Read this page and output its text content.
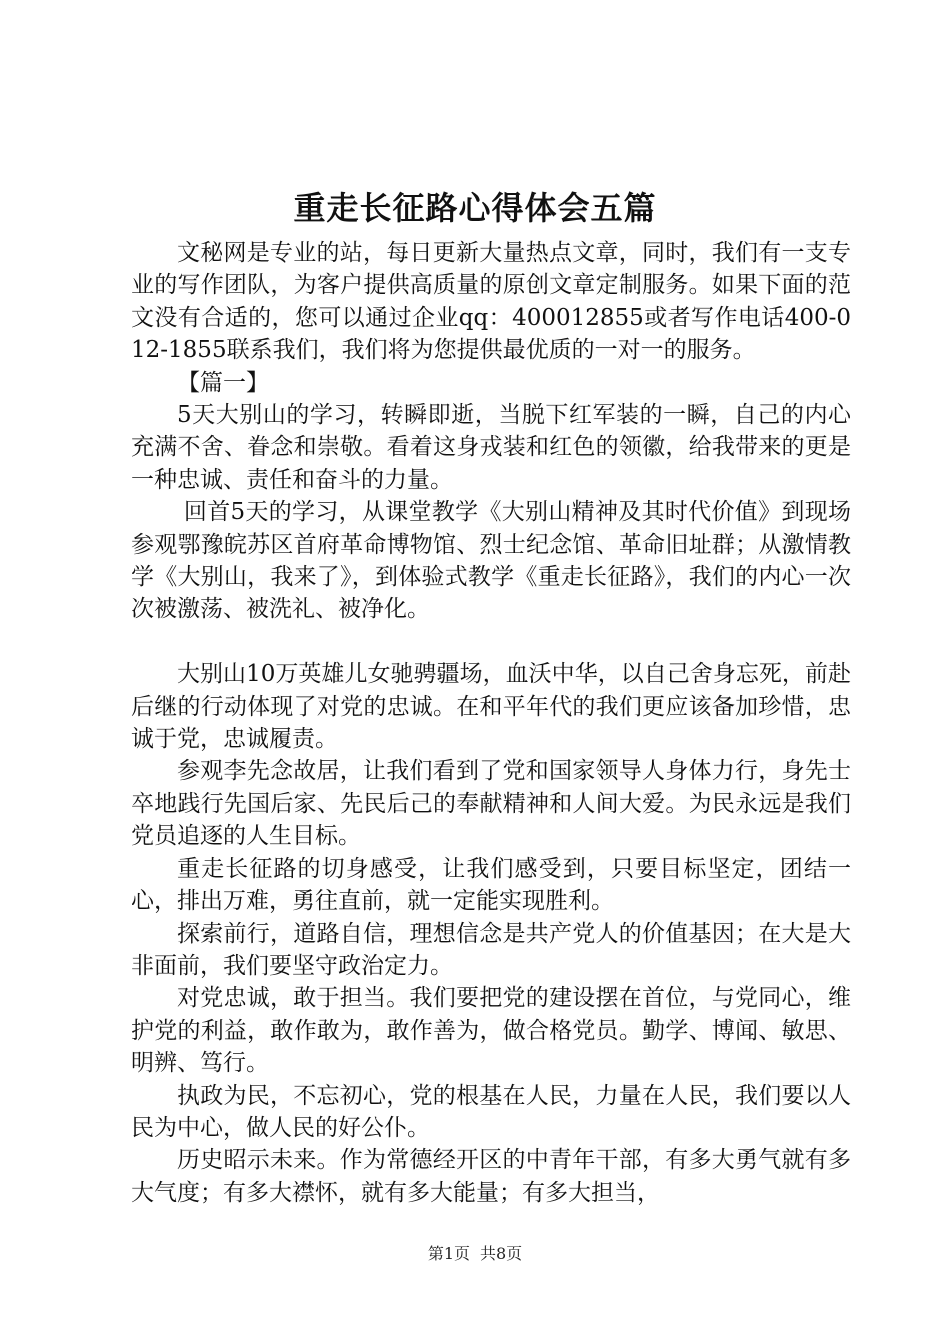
重走长征路心得体会五篇

文秘网是专业的站，每日更新大量热点文章，同时，我们有一支专业的写作团队，为客户提供高质量的原创文章定制服务。如果下面的范文没有合适的，您可以通过企业qq：400012855或者写作电话400-012-1855联系我们，我们将为您提供最优质的一对一的服务。

【篇一】

5天大别山的学习，转瞬即逝，当脱下红军装的一瞬，自己的内心充满不舍、眷念和崇敬。看着这身戎装和红色的领徽，给我带来的更是一种忠诚、责任和奋斗的力量。

回首5天的学习，从课堂教学《大别山精神及其时代价值》到现场参观鄂豫皖苏区首府革命博物馆、烈士纪念馆、革命旧址群；从激情教学《大别山，我来了》，到体验式教学《重走长征路》，我们的内心一次次被激荡、被洗礼、被净化。

大别山10万英雄儿女驰骋疆场，血沃中华，以自己舍身忘死，前赴后继的行动体现了对党的忠诚。在和平年代的我们更应该备加珍惜，忠诚于党，忠诚履责。

参观李先念故居，让我们看到了党和国家领导人身体力行，身先士卒地践行先国后家、先民后己的奉献精神和人间大爱。为民永远是我们党员追逐的人生目标。

重走长征路的切身感受，让我们感受到，只要目标坚定，团结一心，排出万难，勇往直前，就一定能实现胜利。

探索前行，道路自信，理想信念是共产党人的价值基因；在大是大非面前，我们要坚守政治定力。

对党忠诚，敢于担当。我们要把党的建设摆在首位，与党同心，维护党的利益，敢作敢为，敢作善为，做合格党员。勤学、博闻、敏思、明辨、笃行。

执政为民，不忘初心，党的根基在人民，力量在人民，我们要以人民为中心，做人民的好公仆。

历史昭示未来。作为常德经开区的中青年干部，有多大勇气就有多大气度；有多大襟怀，就有多大能量；有多大担当，

第1页 共8页
